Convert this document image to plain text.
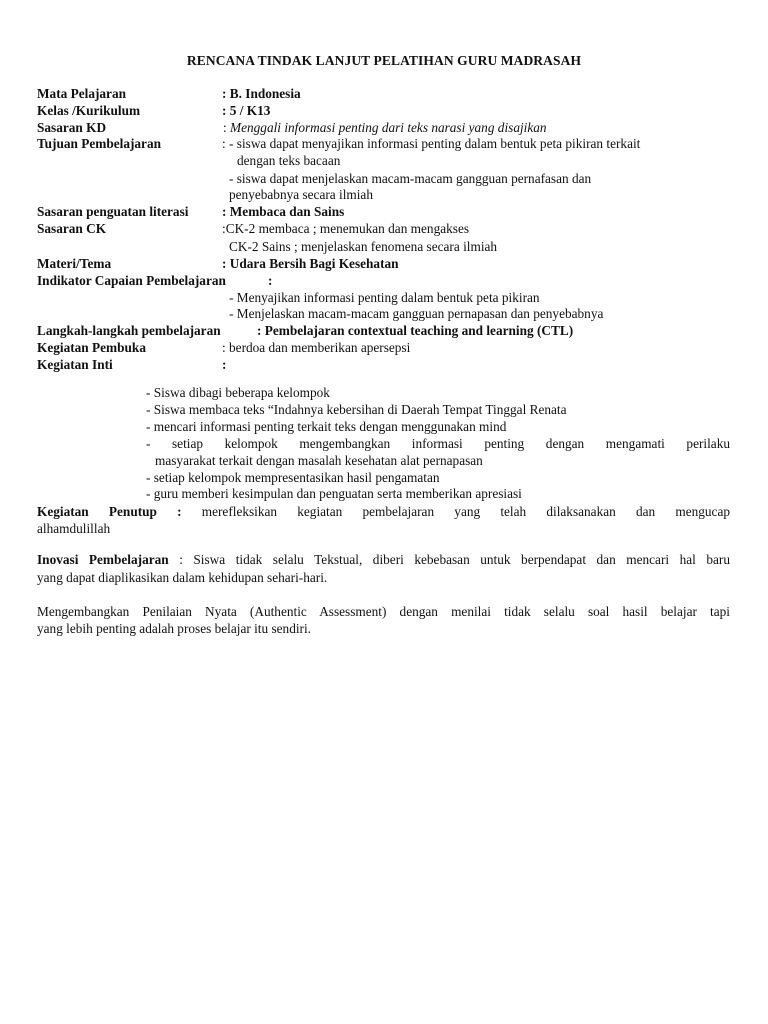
RENCANA TINDAK LANJUT PELATIHAN GURU MADRASAH
Mata Pelajaran	: B. Indonesia
Kelas /Kurikulum	: 5 / K13
Sasaran KD	: Menggali informasi penting dari teks narasi yang disajikan
Tujuan Pembelajaran	: - siswa dapat menyajikan informasi penting dalam bentuk peta pikiran terkait
dengan teks bacaan
- siswa dapat menjelaskan macam-macam gangguan pernafasan dan
penyebabnya secara ilmiah
Sasaran penguatan literasi	: Membaca dan Sains
Sasaran CK	:CK-2 membaca ; menemukan dan mengakses
CK-2 Sains ; menjelaskan fenomena secara ilmiah
Materi/Tema	: Udara Bersih Bagi Kesehatan
Indikator Capaian Pembelajaran	:
- Menyajikan informasi penting dalam bentuk peta pikiran
- Menjelaskan macam-macam gangguan pernapasan dan penyebabnya
Langkah-langkah pembelajaran	: Pembelajaran contextual teaching and learning (CTL)
Kegiatan Pembuka	: berdoa dan memberikan apersepsi
Kegiatan Inti	:
- Siswa dibagi beberapa kelompok
- Siswa membaca teks “Indahnya kebersihan di Daerah Tempat Tinggal Renata
- mencari informasi penting terkait teks dengan menggunakan mind
- setiap kelompok mengembangkan informasi penting dengan mengamati perilaku
masyarakat terkait dengan masalah kesehatan alat pernapasan
- setiap kelompok mempresentasikan hasil pengamatan
- guru memberi kesimpulan dan penguatan serta memberikan apresiasi
Kegiatan Penutup : merefleksikan kegiatan pembelajaran yang telah dilaksanakan dan mengucap
alhamdulillah
Inovasi Pembelajaran : Siswa tidak selalu Tekstual, diberi kebebasan untuk berpendapat dan mencari hal baru
yang dapat diaplikasikan dalam kehidupan sehari-hari.
Mengembangkan Penilaian Nyata (Authentic Assessment) dengan menilai tidak selalu soal hasil belajar tapi
yang lebih penting adalah proses belajar itu sendiri.
